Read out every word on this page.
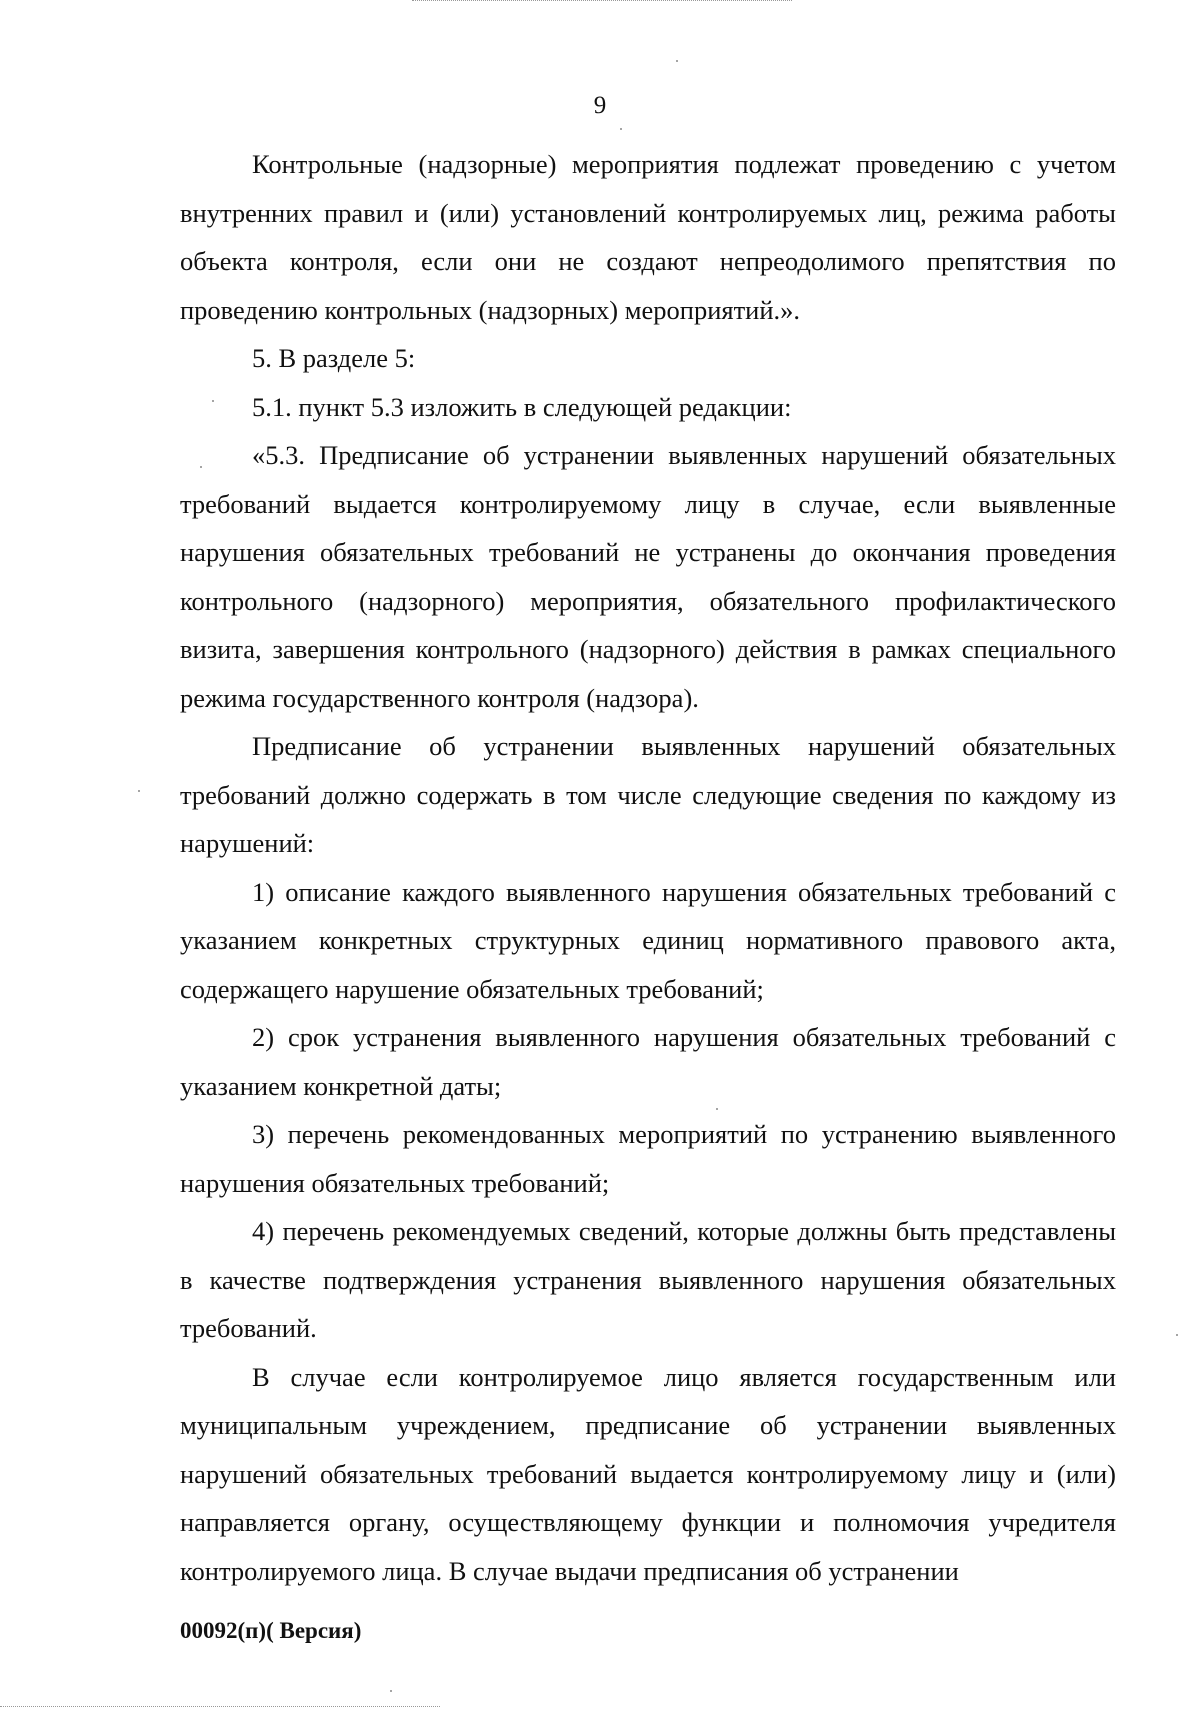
9

Контрольные (надзорные) мероприятия подлежат проведению с учетом внутренних правил и (или) установлений контролируемых лиц, режима работы объекта контроля, если они не создают непреодолимого препятствия по проведению контрольных (надзорных) мероприятий.».

5. В разделе 5:

5.1. пункт 5.3 изложить в следующей редакции:

«5.3. Предписание об устранении выявленных нарушений обязательных требований выдается контролируемому лицу в случае, если выявленные нарушения обязательных требований не устранены до окончания проведения контрольного (надзорного) мероприятия, обязательного профилактического визита, завершения контрольного (надзорного) действия в рамках специального режима государственного контроля (надзора).

Предписание об устранении выявленных нарушений обязательных требований должно содержать в том числе следующие сведения по каждому из нарушений:

1) описание каждого выявленного нарушения обязательных требований с указанием конкретных структурных единиц нормативного правового акта, содержащего нарушение обязательных требований;

2) срок устранения выявленного нарушения обязательных требований с указанием конкретной даты;

3) перечень рекомендованных мероприятий по устранению выявленного нарушения обязательных требований;

4) перечень рекомендуемых сведений, которые должны быть представлены в качестве подтверждения устранения выявленного нарушения обязательных требований.

В случае если контролируемое лицо является государственным или муниципальным учреждением, предписание об устранении выявленных нарушений обязательных требований выдается контролируемому лицу и (или) направляется органу, осуществляющему функции и полномочия учредителя контролируемого лица. В случае выдачи предписания об устранении

00092(п)( Версия)
